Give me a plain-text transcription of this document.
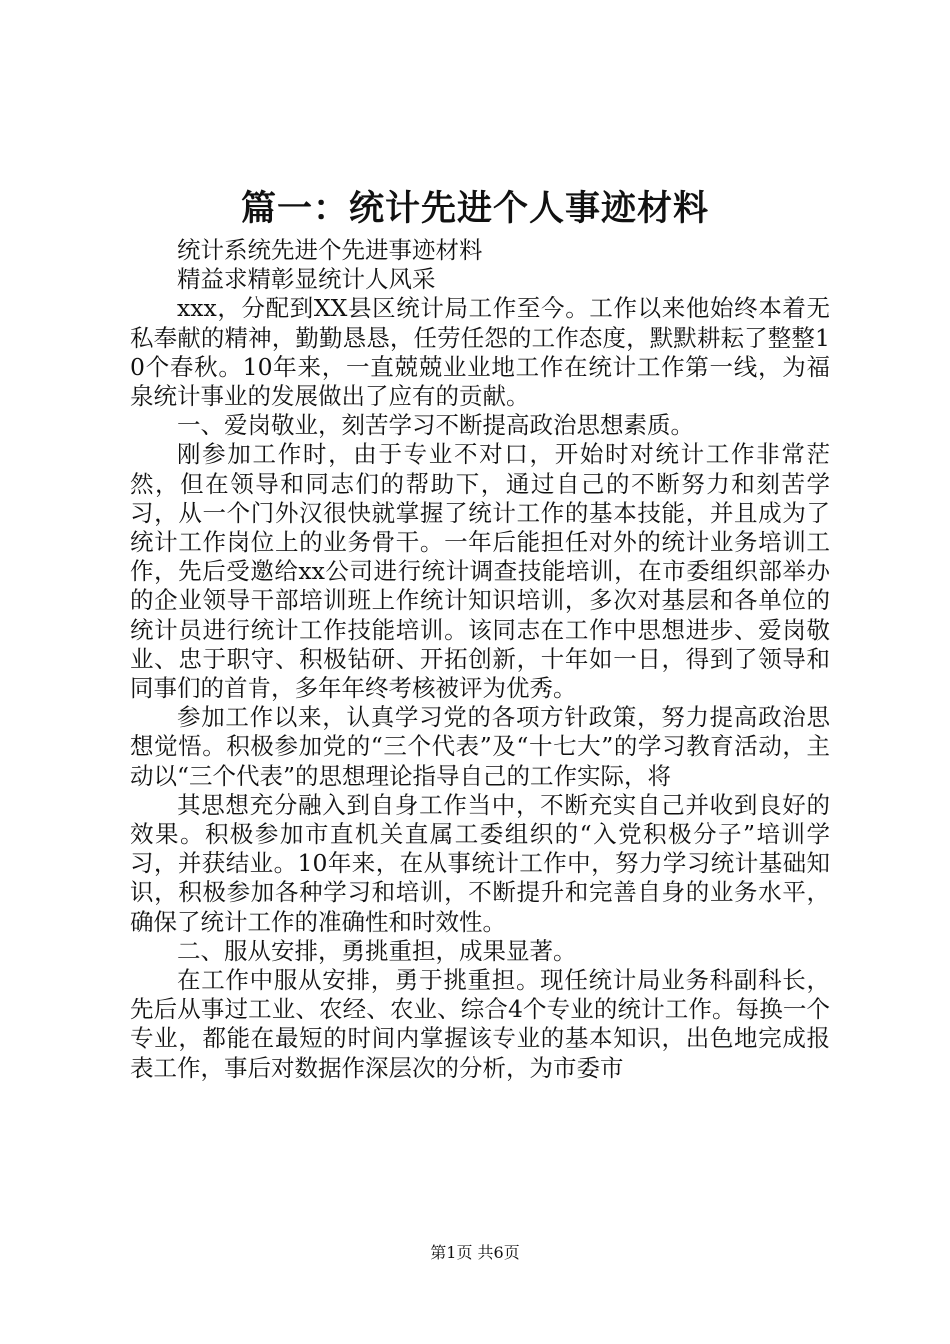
篇一：统计先进个人事迹材料

统计系统先进个先进事迹材料

精益求精彰显统计人风采

xxx，分配到XX县区统计局工作至今。工作以来他始终本着无私奉献的精神，勤勤恳恳，任劳任怨的工作态度，默默耕耘了整整10个春秋。10年来，一直兢兢业业地工作在统计工作第一线，为福泉统计事业的发展做出了应有的贡献。

一、爱岗敬业，刻苦学习不断提高政治思想素质。

刚参加工作时，由于专业不对口，开始时对统计工作非常茫然，但在领导和同志们的帮助下，通过自己的不断努力和刻苦学习，从一个门外汉很快就掌握了统计工作的基本技能，并且成为了统计工作岗位上的业务骨干。一年后能担任对外的统计业务培训工作，先后受邀给xx公司进行统计调查技能培训，在市委组织部举办的企业领导干部培训班上作统计知识培训，多次对基层和各单位的统计员进行统计工作技能培训。该同志在工作中思想进步、爱岗敬业、忠于职守、积极钻研、开拓创新，十年如一日，得到了领导和同事们的首肯，多年年终考核被评为优秀。

参加工作以来，认真学习党的各项方针政策，努力提高政治思想觉悟。积极参加党的“三个代表”及“十七大”的学习教育活动，主动以“三个代表”的思想理论指导自己的工作实际，将

其思想充分融入到自身工作当中，不断充实自己并收到良好的效果。积极参加市直机关直属工委组织的“入党积极分子”培训学习，并获结业。10年来，在从事统计工作中，努力学习统计基础知识，积极参加各种学习和培训，不断提升和完善自身的业务水平，确保了统计工作的准确性和时效性。

二、服从安排，勇挑重担，成果显著。

在工作中服从安排，勇于挑重担。现任统计局业务科副科长，先后从事过工业、农经、农业、综合4个专业的统计工作。每换一个专业，都能在最短的时间内掌握该专业的基本知识，出色地完成报表工作，事后对数据作深层次的分析，为市委市

第1页 共6页
